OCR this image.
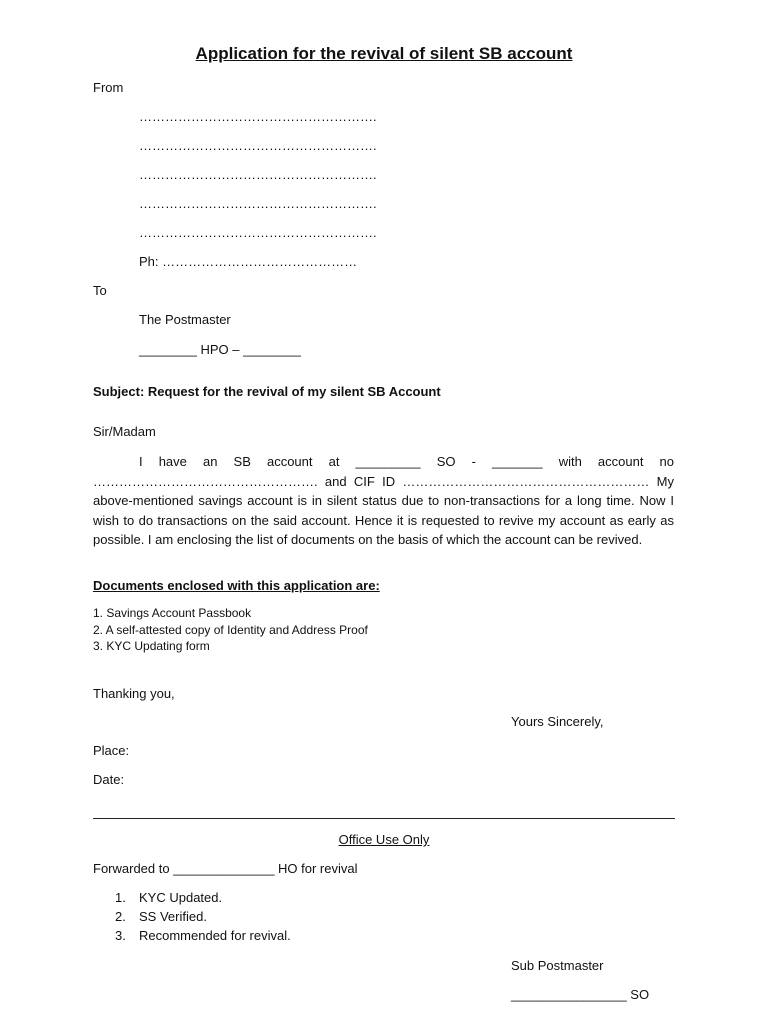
Application for the revival of silent SB account
From
……………………………………………….
……………………………………………….
……………………………………………….
……………………………………………….
……………………………………………….
Ph: ………………………………………
To
The Postmaster
________ HPO – ________
Subject: Request for the revival of my silent SB Account
Sir/Madam
I have an SB account at _________ SO - _______ with account no ……………………………………………. and CIF ID ………………………………………………… My above-mentioned savings account is in silent status due to non-transactions for a long time. Now I wish to do transactions on the said account. Hence it is requested to revive my account as early as possible. I am enclosing the list of documents on the basis of which the account can be revived.
Documents enclosed with this application are:
1. Savings Account Passbook
2. A self-attested copy of Identity and Address Proof
3. KYC Updating form
Thanking you,
Yours Sincerely,
Place:
Date:
Office Use Only
Forwarded to ______________ HO for revival
1. KYC Updated.
2. SS Verified.
3. Recommended for revival.
Sub Postmaster
________________ SO
